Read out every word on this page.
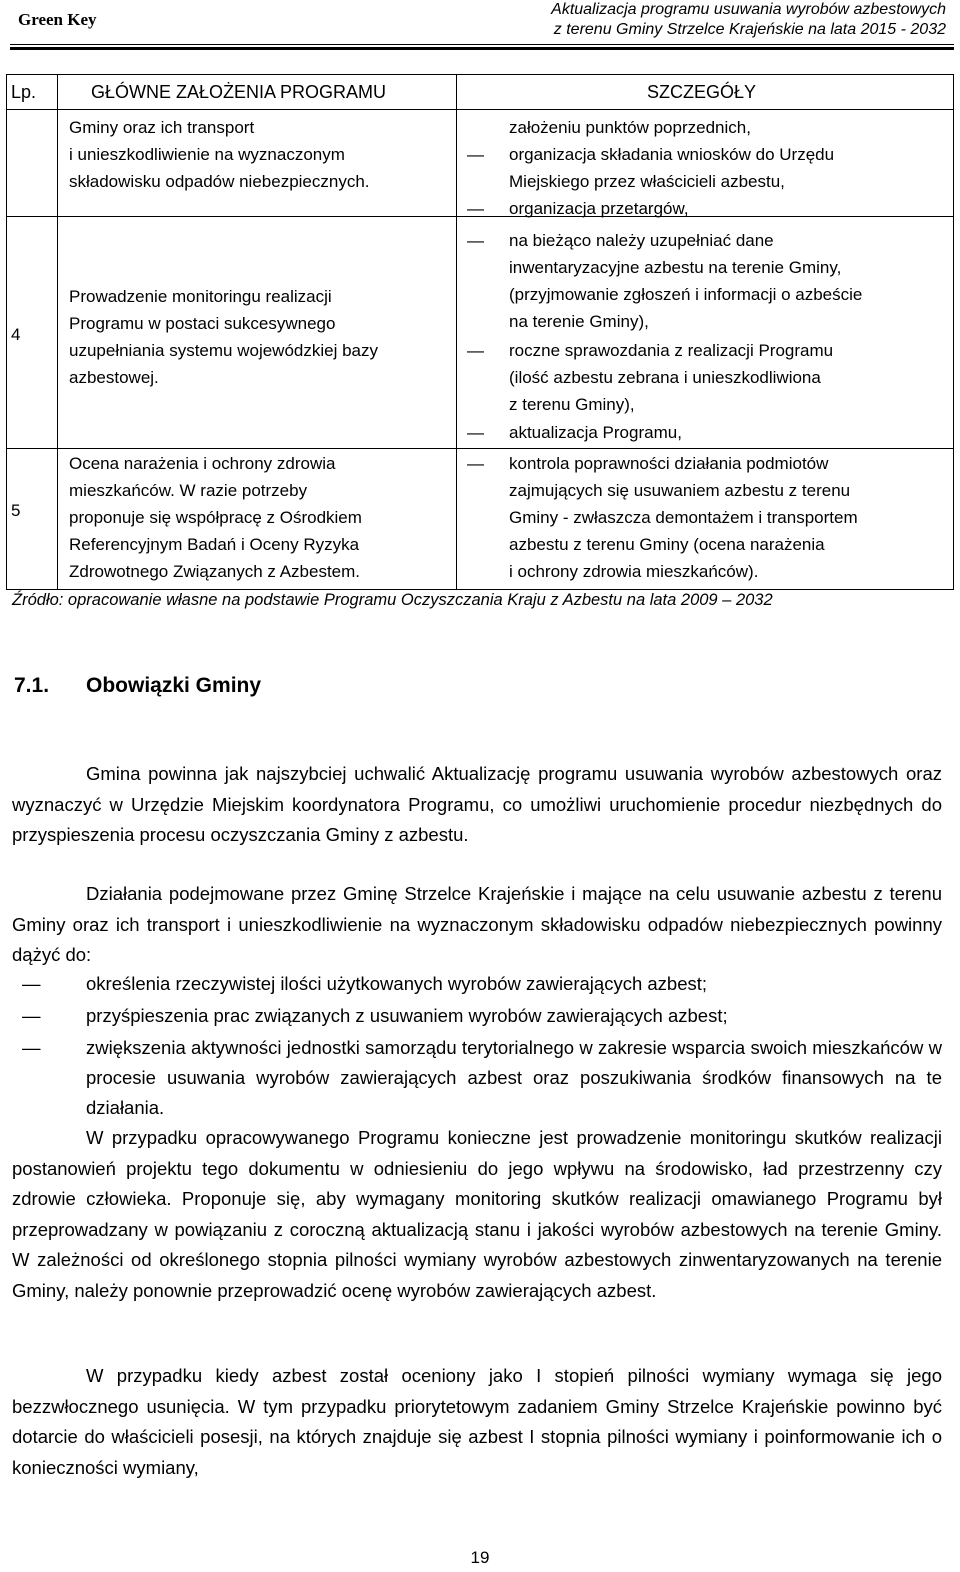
Green Key
Aktualizacja programu usuwania wyrobów azbestowych
z terenu Gminy Strzelce Krajeńskie na lata 2015 - 2032
Lp.	GŁÓWNE ZAŁOŻENIA PROGRAMU	SZCZEGÓŁY
Gminy oraz ich transport
i unieszkodliwienie na wyznaczonym
składowisku odpadów niebezpiecznych.
założeniu punktów poprzednich,
— organizacja składania wniosków do Urzędu
Miejskiego przez właścicieli azbestu,
— organizacja przetargów,
4
Prowadzenie monitoringu realizacji
Programu w postaci sukcesywnego
uzupełniania systemu wojewódzkiej bazy
azbestowej.
— na bieżąco należy uzupełniać dane
inwentaryzacyjne azbestu na terenie Gminy,
(przyjmowanie zgłoszeń i informacji o azbeście
na terenie Gminy),
— roczne sprawozdania z realizacji Programu
(ilość azbestu zebrana i unieszkodliwiona
z terenu Gminy),
— aktualizacja Programu,
5
Ocena narażenia i ochrony zdrowia
mieszkańców. W razie potrzeby
proponuje się współpracę z Ośrodkiem
Referencyjnym Badań i Oceny Ryzyka
Zdrowotnego Związanych z Azbestem.
— kontrola poprawności działania podmiotów
zajmujących się usuwaniem azbestu z terenu
Gminy - zwłaszcza demontażem i transportem
azbestu z terenu Gminy (ocena narażenia
i ochrony zdrowia mieszkańców).
Źródło: opracowanie własne na podstawie Programu Oczyszczania Kraju z Azbestu na lata 2009 – 2032
7.1. Obowiązki Gminy
Gmina powinna jak najszybciej uchwalić Aktualizację programu usuwania wyrobów azbestowych oraz wyznaczyć w Urzędzie Miejskim koordynatora Programu, co umożliwi uruchomienie procedur niezbędnych do przyspieszenia procesu oczyszczania Gminy z azbestu.
Działania podejmowane przez Gminę Strzelce Krajeńskie i mające na celu usuwanie azbestu z terenu Gminy oraz ich transport i unieszkodliwienie na wyznaczonym składowisku odpadów niebezpiecznych powinny dążyć do:
— określenia rzeczywistej ilości użytkowanych wyrobów zawierających azbest;
— przyśpieszenia prac związanych z usuwaniem wyrobów zawierających azbest;
— zwiększenia aktywności jednostki samorządu terytorialnego w zakresie wsparcia swoich mieszkańców w procesie usuwania wyrobów zawierających azbest oraz poszukiwania środków finansowych na te działania.
W przypadku opracowywanego Programu konieczne jest prowadzenie monitoringu skutków realizacji postanowień projektu tego dokumentu w odniesieniu do jego wpływu na środowisko, ład przestrzenny czy zdrowie człowieka. Proponuje się, aby wymagany monitoring skutków realizacji omawianego Programu był przeprowadzany w powiązaniu z coroczną aktualizacją stanu i jakości wyrobów azbestowych na terenie Gminy. W zależności od określonego stopnia pilności wymiany wyrobów azbestowych zinwentaryzowanych na terenie Gminy, należy ponownie przeprowadzić ocenę wyrobów zawierających azbest.
W przypadku kiedy azbest został oceniony jako I stopień pilności wymiany wymaga się jego bezzwłocznego usunięcia. W tym przypadku priorytetowym zadaniem Gminy Strzelce Krajeńskie powinno być dotarcie do właścicieli posesji, na których znajduje się azbest I stopnia pilności wymiany i poinformowanie ich o konieczności wymiany,
19
